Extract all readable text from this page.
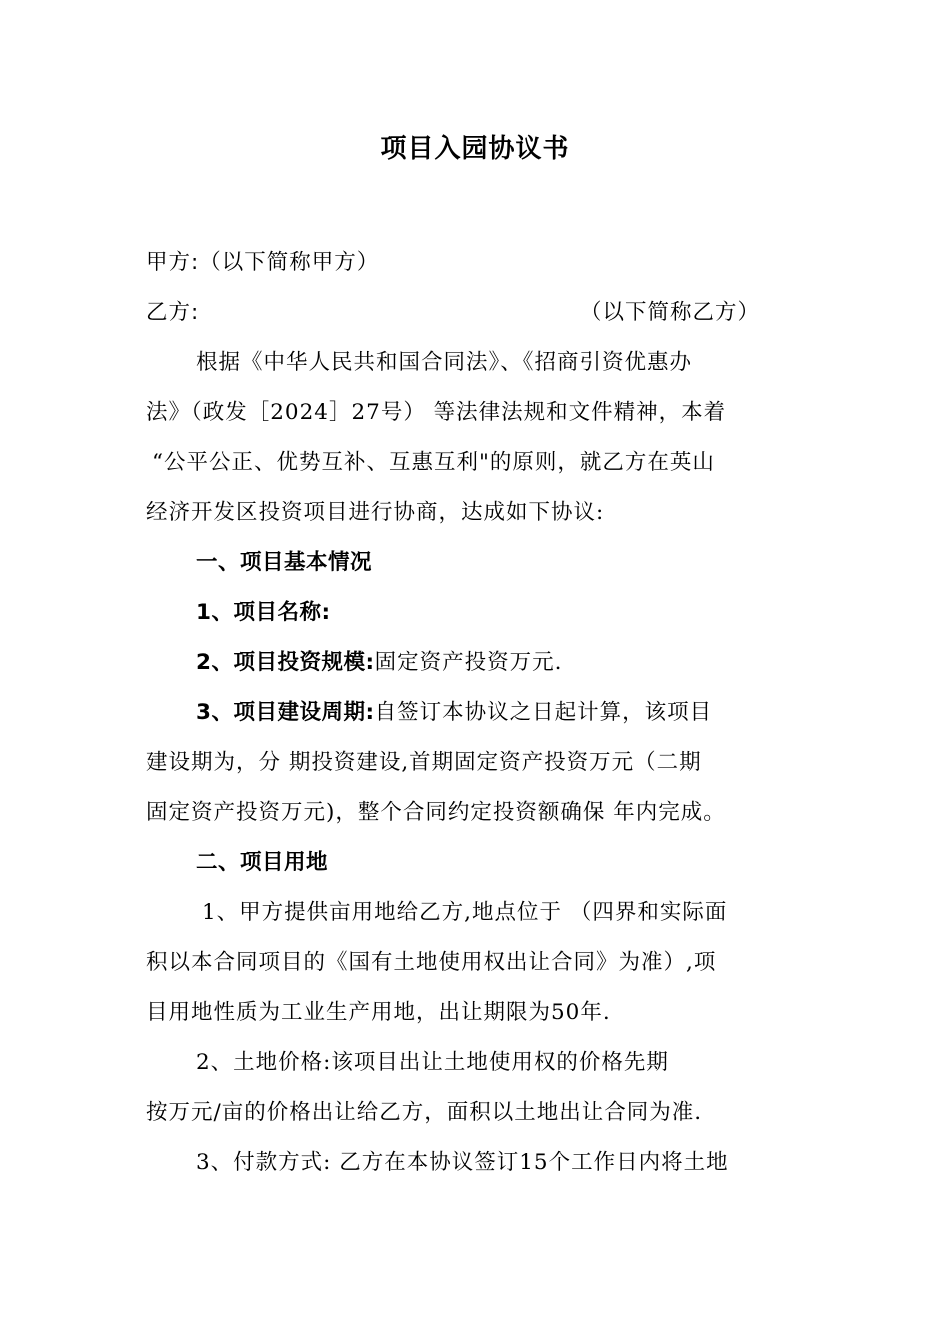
项目入园协议书
甲方:（以下简称甲方）
乙方:	（以下简称乙方）
根据《中华人民共和国合同法》、《招商引资优惠办
法》（政发［2024］27号） 等法律法规和文件精神，本着
“公平公正、优势互补、互惠互利"的原则，就乙方在英山
经济开发区投资项目进行协商，达成如下协议:
一、项目基本情况
1、项目名称:
2、项目投资规模:固定资产投资万元.
3、项目建设周期:自签订本协议之日起计算，该项目
建设期为，分 期投资建设,首期固定资产投资万元（二期
固定资产投资万元)，整个合同约定投资额确保 年内完成。
二、项目用地
1、甲方提供亩用地给乙方,地点位于 （四界和实际面
积以本合同项目的《国有土地使用权出让合同》为准）,项
目用地性质为工业生产用地，出让期限为50年.
2、土地价格:该项目出让土地使用权的价格先期
按万元/亩的价格出让给乙方，面积以土地出让合同为准.
3、付款方式: 乙方在本协议签订15个工作日内将土地
